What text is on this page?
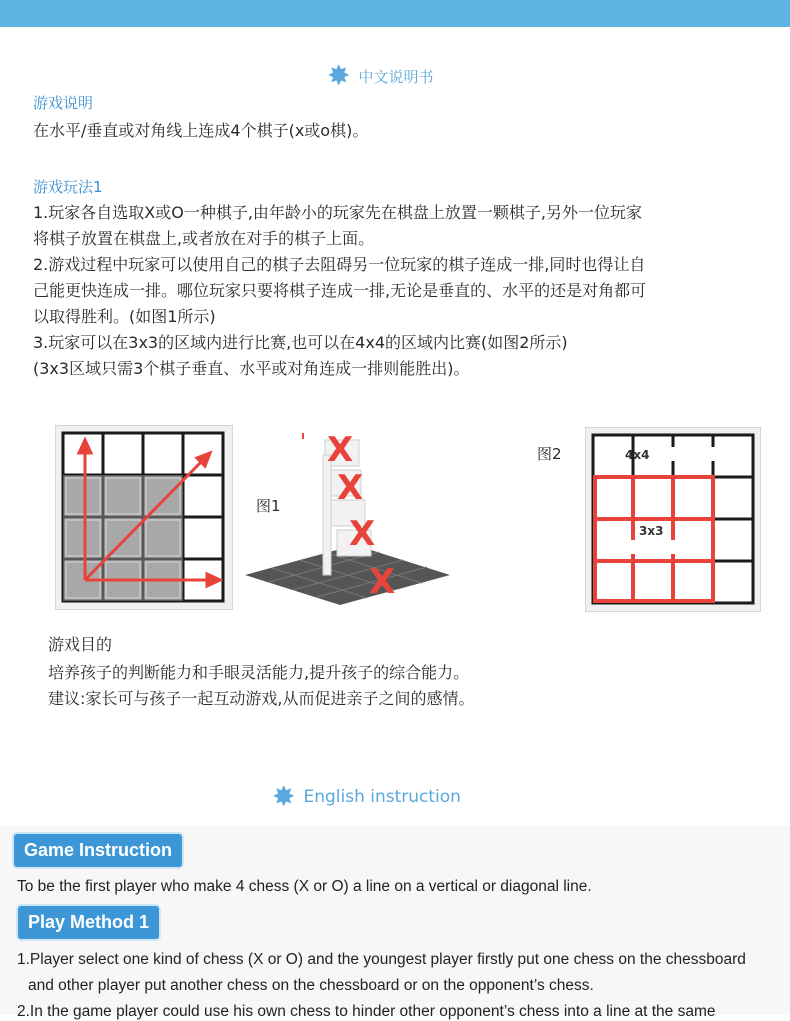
✸ 中文说明书
游戏说明
在水平/垂直或对角线上连成4个棋子(x或o棋)。
游戏玩法1
1.玩家各自选取X或O一种棋子,由年龄小的玩家先在棋盘上放置一颗棋子,另外一位玩家
将棋子放置在棋盘上,或者放在对手的棋子上面。
2.游戏过程中玩家可以使用自己的棋子去阻碍另一位玩家的棋子连成一排,同时也得让自
己能更快连成一排。哪位玩家只要将棋子连成一排,无论是垂直的、水平的还是对角都可
以取得胜利。(如图1所示)
3.玩家可以在3x3的区域内进行比赛,也可以在4x4的区域内比赛(如图2所示)
(3x3区域只需3个棋子垂直、水平或对角连成一排则能胜出)。
图1
X
X
X
X
图2	4x4
3x3
游戏目的
培养孩子的判断能力和手眼灵活能力,提升孩子的综合能力。
建议:家长可与孩子一起互动游戏,从而促进亲子之间的感情。
✸ English instruction
Game Instruction
To be the first player who make 4 chess (X or O) a line on a vertical or diagonal line.
Play Method 1
1.Player select one kind of chess (X or O) and the youngest player firstly put one chess on the chessboard
and other player put another chess on the chessboard or on the opponent’s chess.
2.In the game player could use his own chess to hinder other opponent’s chess into a line at the same
